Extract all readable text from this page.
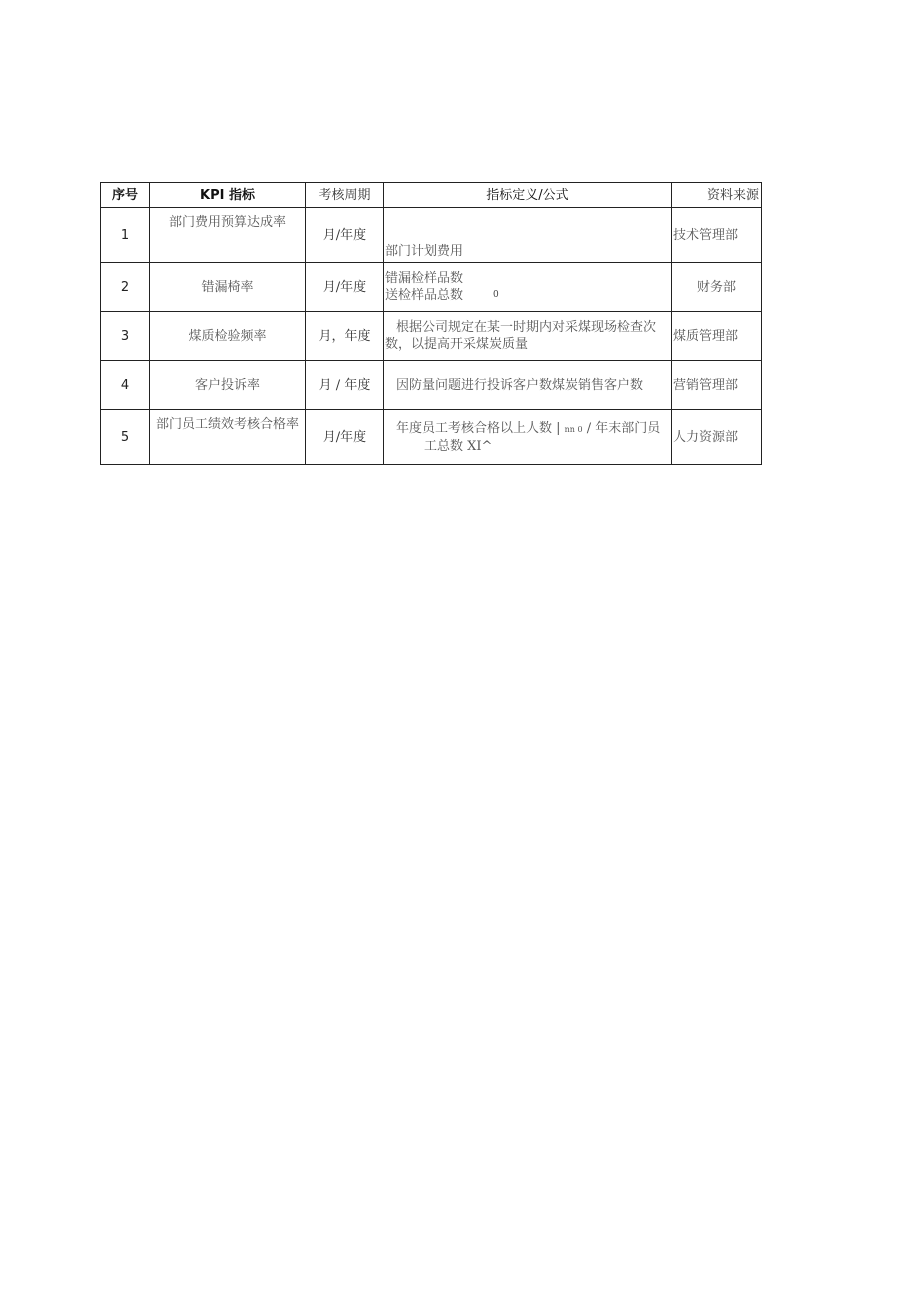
序号	KPI 指标	考核周期	指标定义/公式	资料来源
1	部门费用预算达成率	月/年度	部门计划费用	技术管理部
2	错漏椅率	月/年度	错漏检样品数
送检样品总数 0	财务部
3	煤质检验频率	月，年度	根据公司规定在某一时期内对采煤现场检查次
数，以提高开采煤炭质量	煤质管理部
4	客户投诉率	月 / 年度	因防量问题进行投诉客户数煤炭销售客户数	营销管理部
5	部门员工绩效考核合格率	月/年度	年度员工考核合格以上人数 | nn 0 / 年末部门员
工总数 XI^	人力资源部
